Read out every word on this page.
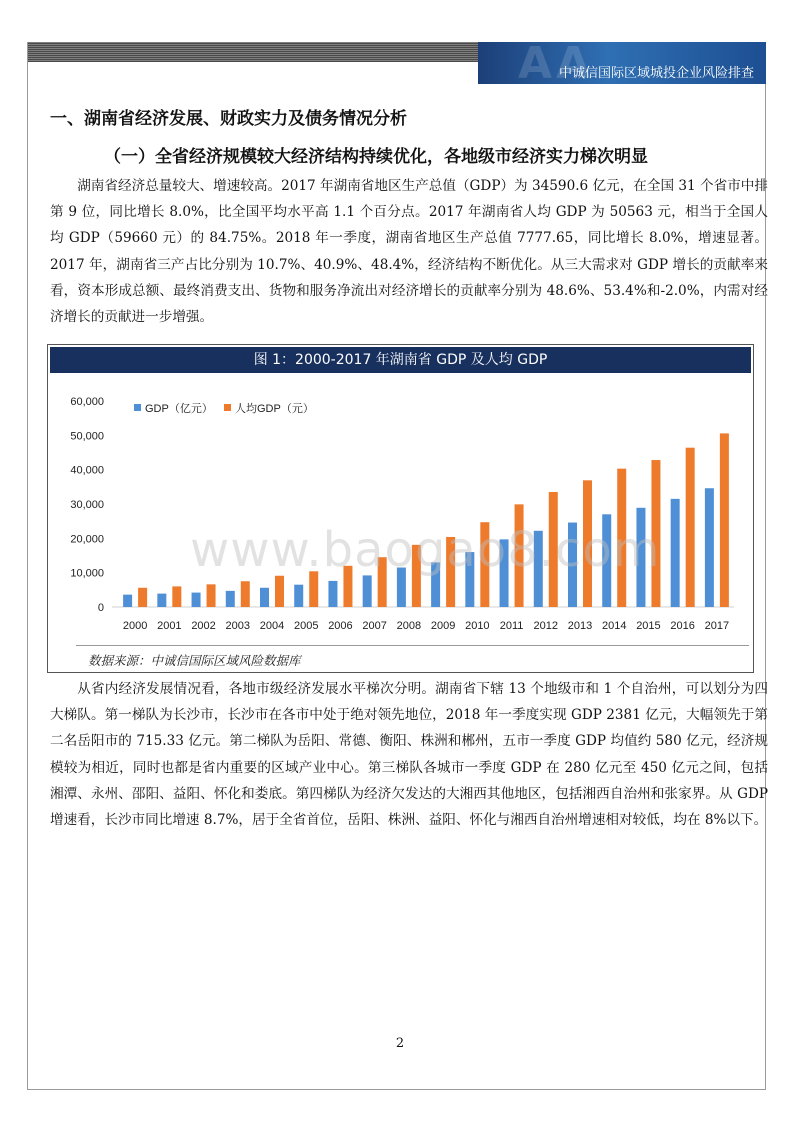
AA
中诚信国际区域城投企业风险排查
一、湖南省经济发展、财政实力及债务情况分析
（一）全省经济规模较大经济结构持续优化，各地级市经济实力梯次明显

湖南省经济总量较大、增速较高。2017 年湖南省地区生产总值（GDP）为 34590.6 亿元，在全国 31 个省市中排第 9 位，同比增长 8.0%，比全国平均水平高 1.1 个百分点。2017 年湖南省人均 GDP 为 50563 元，相当于全国人均 GDP（59660 元）的 84.75%。2018 年一季度，湖南省地区生产总值 7777.65，同比增长 8.0%，增速显著。2017 年，湖南省三产占比分别为 10.7%、40.9%、48.4%，经济结构不断优化。从三大需求对 GDP 增长的贡献率来看，资本形成总额、最终消费支出、货物和服务净流出对经济增长的贡献率分别为 48.6%、53.4%和-2.0%，内需对经济增长的贡献进一步增强。

图 1：2000-2017 年湖南省 GDP 及人均 GDP
0
10,000
20,000
30,000
40,000
50,000
60,000
2000 2001 2002 2003 2004 2005 2006 2007 2008 2009 2010 2011 2012 2013 2014 2015 2016 2017
GDP（亿元） 人均GDP（元）
数据来源：中诚信国际区域风险数据库
www.baogao8.com

从省内经济发展情况看，各地市级经济发展水平梯次分明。湖南省下辖 13 个地级市和 1 个自治州，可以划分为四大梯队。第一梯队为长沙市，长沙市在各市中处于绝对领先地位，2018 年一季度实现 GDP 2381 亿元，大幅领先于第二名岳阳市的 715.33 亿元。第二梯队为岳阳、常德、衡阳、株洲和郴州，五市一季度 GDP 均值约 580 亿元，经济规模较为相近，同时也都是省内重要的区域产业中心。第三梯队各城市一季度 GDP 在 280 亿元至 450 亿元之间，包括湘潭、永州、邵阳、益阳、怀化和娄底。第四梯队为经济欠发达的大湘西其他地区，包括湘西自治州和张家界。从 GDP 增速看，长沙市同比增速 8.7%，居于全省首位，岳阳、株洲、益阳、怀化与湘西自治州增速相对较低，均在 8%以下。

2
